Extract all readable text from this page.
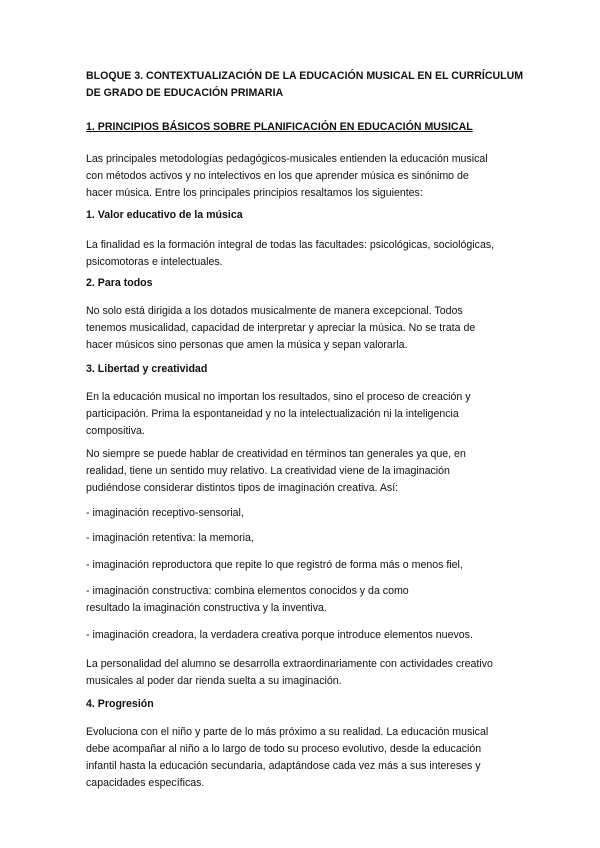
BLOQUE 3. CONTEXTUALIZACIÓN DE LA EDUCACIÓN MUSICAL EN EL CURRÍCULUM
DE GRADO DE EDUCACIÓN PRIMARIA
1. PRINCIPIOS BÁSICOS SOBRE PLANIFICACIÓN EN EDUCACIÓN MUSICAL
Las principales metodologías pedagógicos-musicales entienden la educación musical
con métodos activos y no intelectivos en los que aprender música es sinónimo de
hacer música. Entre los principales principios resaltamos los siguientes:
1. Valor educativo de la música
La finalidad es la formación integral de todas las facultades: psicológicas, sociológicas,
psicomotoras e intelectuales.
2. Para todos
No solo está dirigida a los dotados musicalmente de manera excepcional. Todos
tenemos musicalidad, capacidad de interpretar y apreciar la música. No se trata de
hacer músicos sino personas que amen la música y sepan valorarla.
3. Libertad y creatividad
En la educación musical no importan los resultados, sino el proceso de creación y
participación. Prima la espontaneidad y no la intelectualización ni la inteligencia
compositiva.
No siempre se puede hablar de creatividad en términos tan generales ya que, en
realidad, tiene un sentido muy relativo. La creatividad viene de la imaginación
pudiéndose considerar distintos tipos de imaginación creativa. Así:
- imaginación receptivo-sensorial,
- imaginación retentiva: la memoria,
- imaginación reproductora que repite lo que registró de forma más o menos fiel,
- imaginación constructiva: combina elementos conocidos y da como
resultado la imaginación constructiva y la inventiva.
- imaginación creadora, la verdadera creativa porque introduce elementos nuevos.
La personalidad del alumno se desarrolla extraordinariamente con actividades creativo
musicales al poder dar rienda suelta a su imaginación.
4. Progresión
Evoluciona con el niño y parte de lo más próximo a su realidad. La educación musical
debe acompañar al niño a lo largo de todo su proceso evolutivo, desde la educación
infantil hasta la educación secundaria, adaptándose cada vez más a sus intereses y
capacidades específicas.
